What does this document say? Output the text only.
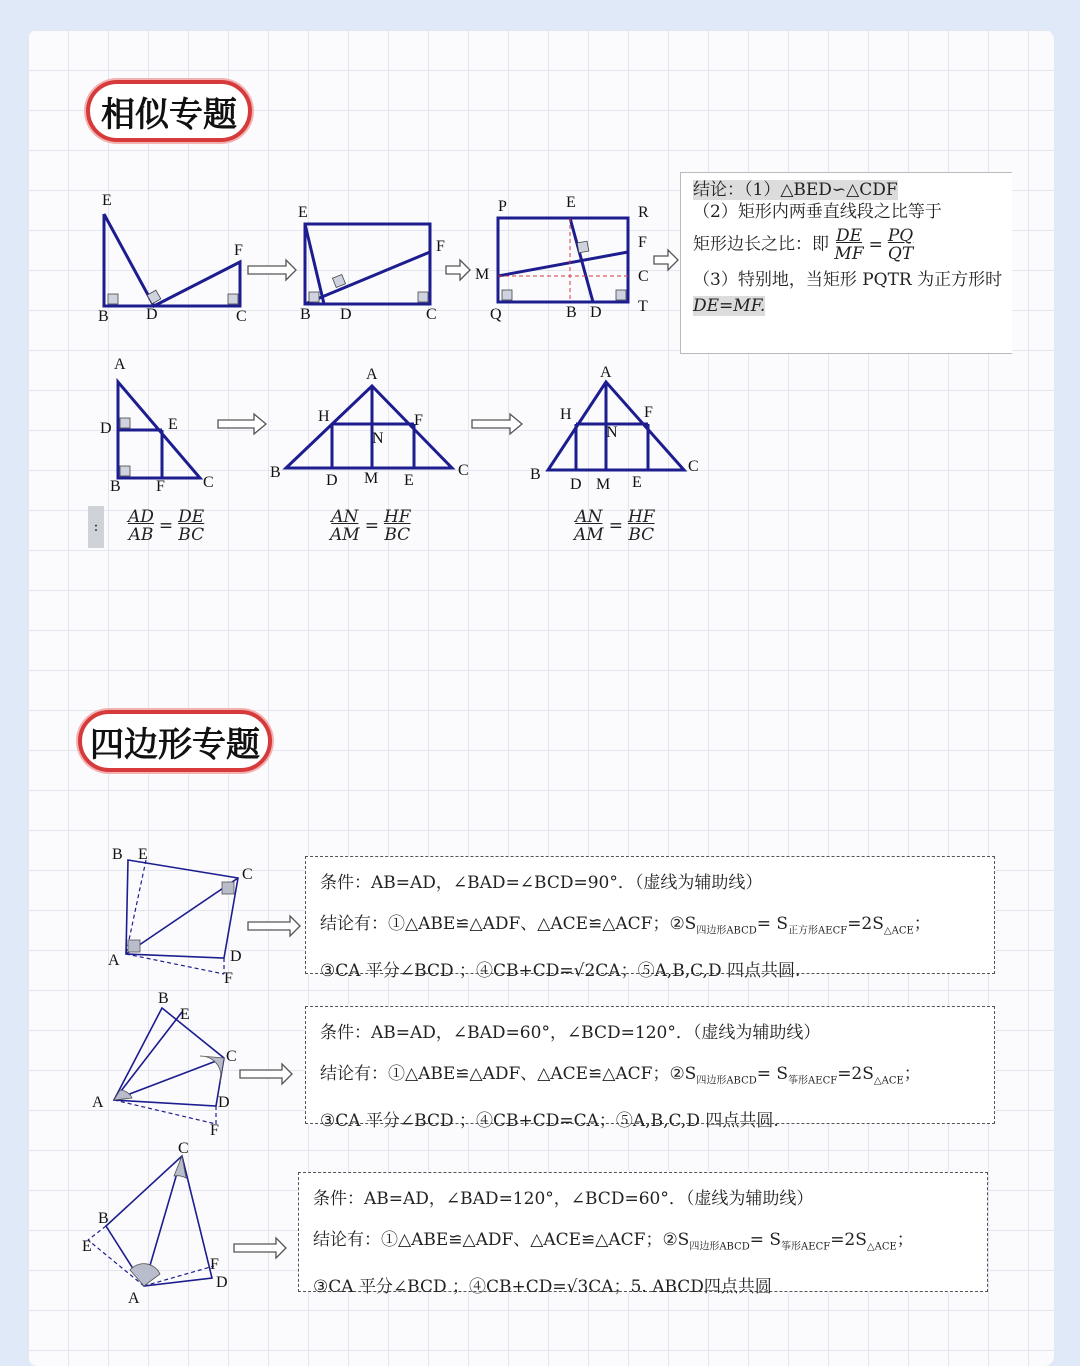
相似专题
E
F
B D	C
E
F
B D	C
P	E
R
F
M	C
Q	B D T
结论：（1）△BED∽△CDF
（2）矩形内两垂直线段之比等于
矩形边长之比：即 $\frac{DE}{MF} = \frac{PQ}{QT}$
（3）特别地，当矩形 PQTR 为正方形时
DE=MF.
A
D	E
B F C
A
H	F
N
B	D M E
C
A
H	F
N
B
D M E
C
:	$\frac{AD}{AB} = \frac{DE}{BC}$	$\frac{AN}{AM} = \frac{HF}{BC}$	$\frac{AN}{AM} = \frac{HF}{BC}$
四边形专题
B E
C
A	D
F
条件：AB=AD，∠BAD=∠BCD=90°．（虚线为辅助线）
结论有：①△ABE≌△ADF、△ACE≌△ACF；$②S_{四边形ABCD}= S_{正方形AECF}=2S_{\triangle ACE}$；
③CA 平分∠BCD ；④CB+CD=√2CA；⑤A,B,C,D 四点共圆.
B
E
C
A	D
F
条件：AB=AD，∠BAD=60°，∠BCD=120°．（虚线为辅助线）
结论有：①△ABE≌△ADF、△ACE≌△ACF；$②S_{四边形ABCD}= S_{筝形AECF}=2S_{\triangle ACE}$；
③CA 平分∠BCD ；④CB+CD=CA；⑤A,B,C,D 四点共圆.
C
B
E
F
D
A
条件：AB=AD，∠BAD=120°，∠BCD=60°．（虚线为辅助线）
结论有：①△ABE≌△ADF、△ACE≌△ACF；$②S_{四边形ABCD}= S_{筝形AECF}=2S_{\triangle ACE}$；
③CA 平分∠BCD ；④CB+CD=√3CA；5. ABCD四点共圆
